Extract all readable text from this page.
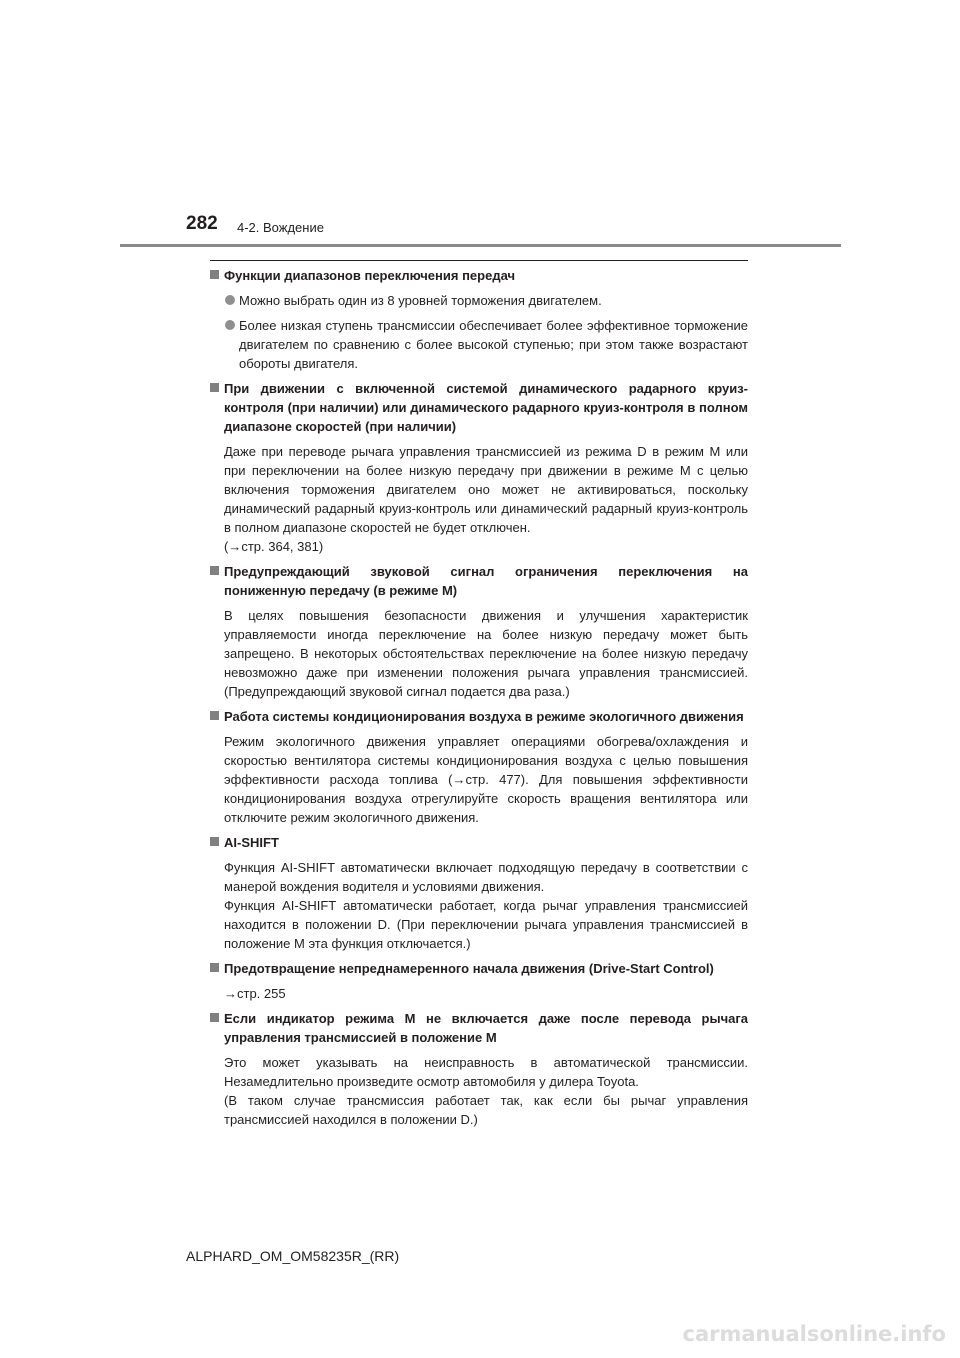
282 4-2. Вождение
Функции диапазонов переключения передач
Можно выбрать один из 8 уровней торможения двигателем.
Более низкая ступень трансмиссии обеспечивает более эффективное торможение двигателем по сравнению с более высокой ступенью; при этом также возрастают обороты двигателя.
При движении с включенной системой динамического радарного круиз-контроля (при наличии) или динамического радарного круиз-контроля в полном диапазоне скоростей (при наличии)
Даже при переводе рычага управления трансмиссией из режима D в режим M или при переключении на более низкую передачу при движении в режиме M с целью включения торможения двигателем оно может не активироваться, поскольку динамический радарный круиз-контроль или динамический радарный круиз-контроль в полном диапазоне скоростей не будет отключен.
(→стр. 364, 381)
Предупреждающий звуковой сигнал ограничения переключения на пониженную передачу (в режиме M)
В целях повышения безопасности движения и улучшения характеристик управляемости иногда переключение на более низкую передачу может быть запрещено. В некоторых обстоятельствах переключение на более низкую передачу невозможно даже при изменении положения рычага управления трансмиссией. (Предупреждающий звуковой сигнал подается два раза.)
Работа системы кондиционирования воздуха в режиме экологичного движения
Режим экологичного движения управляет операциями обогрева/охлаждения и скоростью вентилятора системы кондиционирования воздуха с целью повышения эффективности расхода топлива (→стр. 477). Для повышения эффективности кондиционирования воздуха отрегулируйте скорость вращения вентилятора или отключите режим экологичного движения.
AI-SHIFT
Функция AI-SHIFT автоматически включает подходящую передачу в соответствии с манерой вождения водителя и условиями движения.
Функция AI-SHIFT автоматически работает, когда рычаг управления трансмиссией находится в положении D. (При переключении рычага управления трансмиссией в положение M эта функция отключается.)
Предотвращение непреднамеренного начала движения (Drive-Start Control)
→стр. 255
Если индикатор режима M не включается даже после перевода рычага управления трансмиссией в положение M
Это может указывать на неисправность в автоматической трансмиссии. Незамедлительно произведите осмотр автомобиля у дилера Toyota.
(В таком случае трансмиссия работает так, как если бы рычаг управления трансмиссией находился в положении D.)
ALPHARD_OM_OM58235R_(RR)
carmanualsonline.info
